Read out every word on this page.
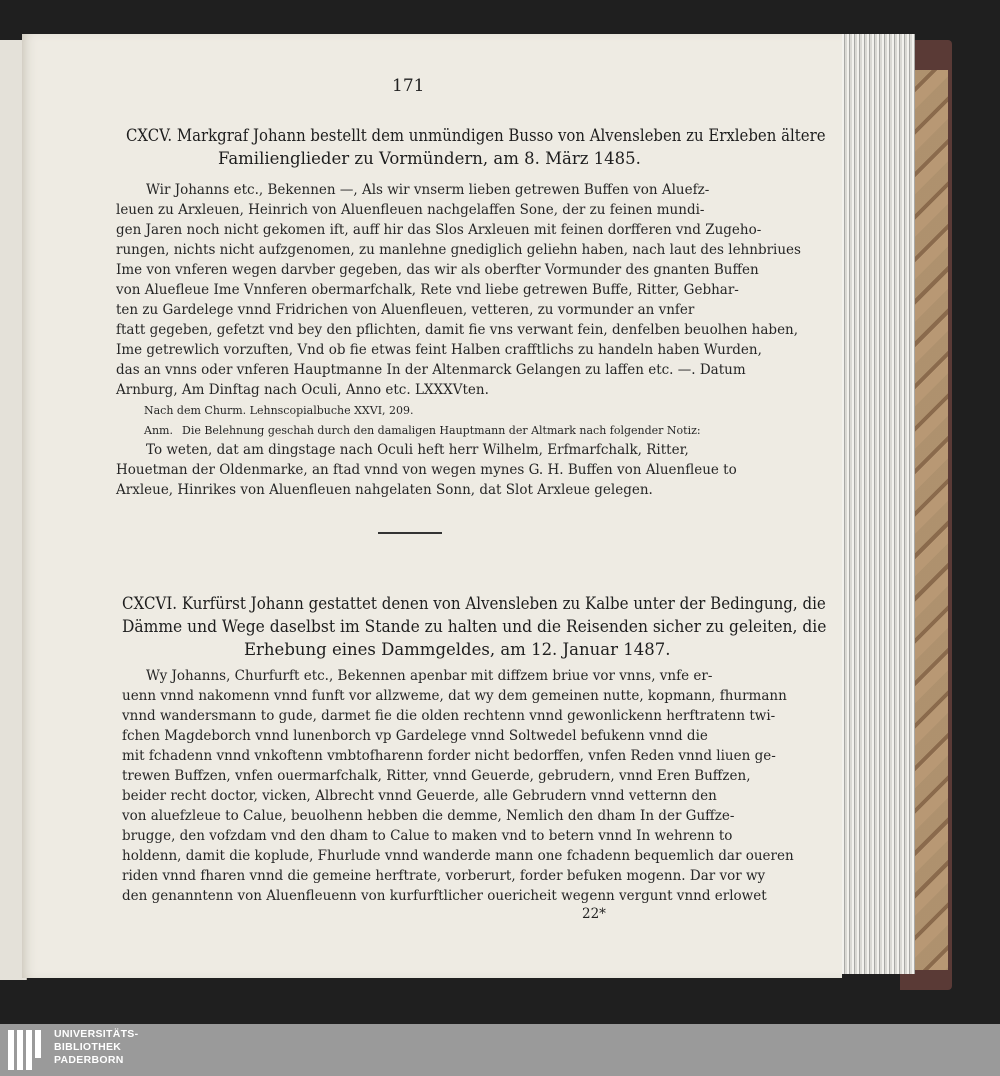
171
CXCV. Markgraf Johann bestellt dem unmündigen Busso von Alvensleben zu Erxleben ältere
Familienglieder zu Vormündern, am 8. März 1485.
Wir Johanns etc., Bekennen —, Als wir vnserm lieben getrewen Buffen von Aluefz-
leuen zu Arxleuen, Heinrich von Aluenfleuen nachgelaffen Sone, der zu feinen mundi-
gen Jaren noch nicht gekomen ift, auff hir das Slos Arxleuen mit feinen dorfferen vnd Zugeho-
rungen, nichts nicht aufzgenomen, zu manlehne gnediglich geliehn haben, nach laut des lehnbriues
Ime von vnferen wegen darvber gegeben, das wir als oberfter Vormunder des gnanten Buffen
von Aluefleue Ime Vnnferen obermarfchalk, Rete vnd liebe getrewen Buffe, Ritter, Gebhar-
ten zu Gardelege vnnd Fridrichen von Aluenfleuen, vetteren, zu vormunder an vnfer
ftatt gegeben, gefetzt vnd bey den pflichten, damit fie vns verwant fein, denfelben beuolhen haben,
Ime getrewlich vorzuften, Vnd ob fie etwas feint Halben crafftlichs zu handeln haben Wurden,
das an vnns oder vnferen Hauptmanne In der Altenmarck Gelangen zu laffen etc. —. Datum
Arnburg, Am Dinftag nach Oculi, Anno etc. LXXXVten.
Nach dem Churm. Lehnscopialbuche XXVI, 209.
Anm. Die Belehnung geschah durch den damaligen Hauptmann der Altmark nach folgender Notiz:
To weten, dat am dingstage nach Oculi heft herr Wilhelm, Erfmarfchalk, Ritter,
Houetman der Oldenmarke, an ftad vnnd von wegen mynes G. H. Buffen von Aluenfleue to
Arxleue, Hinrikes von Aluenfleuen nahgelaten Sonn, dat Slot Arxleue gelegen.
CXCVI. Kurfürst Johann gestattet denen von Alvensleben zu Kalbe unter der Bedingung, die
Dämme und Wege daselbst im Stande zu halten und die Reisenden sicher zu geleiten, die
Erhebung eines Dammgeldes, am 12. Januar 1487.
Wy Johanns, Churfurft etc., Bekennen apenbar mit diffzem briue vor vnns, vnfe er-
uenn vnnd nakomenn vnnd funft vor allzweme, dat wy dem gemeinen nutte, kopmann, fhurmann
vnnd wandersmann to gude, darmet fie die olden rechtenn vnnd gewonlickenn herftratenn twi-
fchen Magdeborch vnnd lunenborch vp Gardelege vnnd Soltwedel befukenn vnnd die
mit fchadenn vnnd vnkoftenn vmbtofharenn forder nicht bedorffen, vnfen Reden vnnd liuen ge-
trewen Buffzen, vnfen ouermarfchalk, Ritter, vnnd Geuerde, gebrudern, vnnd Eren Buffzen,
beider recht doctor, vicken, Albrecht vnnd Geuerde, alle Gebrudern vnnd vetternn den
von aluefzleue to Calue, beuolhenn hebben die demme, Nemlich den dham In der Guffze-
brugge, den vofzdam vnd den dham to Calue to maken vnd to betern vnnd In wehrenn to
holdenn, damit die koplude, Fhurlude vnnd wanderde mann one fchadenn bequemlich dar oueren
riden vnnd fharen vnnd die gemeine herftrate, vorberurt, forder befuken mogenn. Dar vor wy
den genanntenn von Aluenfleuenn von kurfurftlicher ouericheit wegenn vergunt vnnd erlowet
22*
UNIVERSITÄTS-
BIBLIOTHEK
PADERBORN
